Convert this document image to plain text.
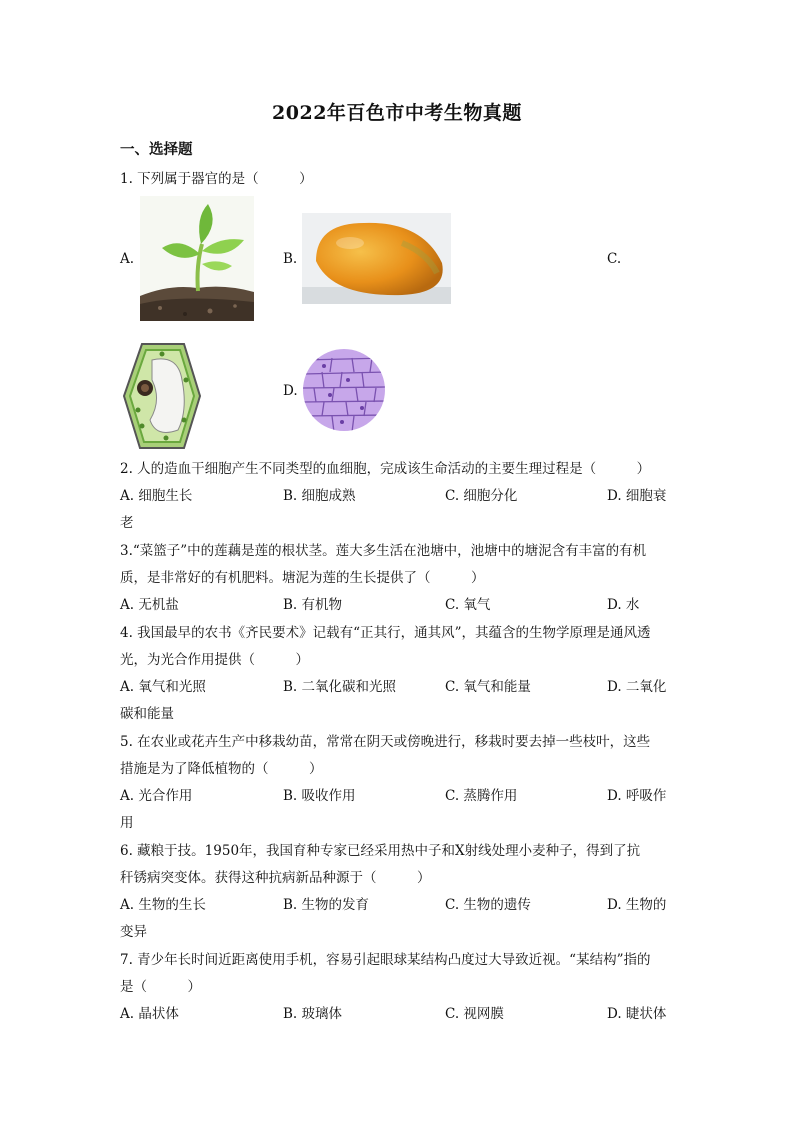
2022年百色市中考生物真题
一、选择题
1. 下列属于器官的是（　　　）
A.	B.	C.
D.
2. 人的造血干细胞产生不同类型的血细胞，完成该生命活动的主要生理过程是（　　　）
A. 细胞生长	B. 细胞成熟	C. 细胞分化	D. 细胞衰
老
3.“菜篮子”中的莲藕是莲的根状茎。莲大多生活在池塘中，池塘中的塘泥含有丰富的有机
质，是非常好的有机肥料。塘泥为莲的生长提供了（　　　）
A. 无机盐	B. 有机物	C. 氧气	D. 水
4. 我国最早的农书《齐民要术》记载有“正其行，通其风”，其蕴含的生物学原理是通风透
光，为光合作用提供（　　　）
A. 氧气和光照	B. 二氧化碳和光照	C. 氧气和能量	D. 二氧化
碳和能量
5. 在农业或花卉生产中移栽幼苗，常常在阴天或傍晚进行，移栽时要去掉一些枝叶，这些
措施是为了降低植物的（　　　）
A. 光合作用	B. 吸收作用	C. 蒸腾作用	D. 呼吸作
用
6. 藏粮于技。1950年，我国育种专家已经采用热中子和X射线处理小麦种子，得到了抗
秆锈病突变体。获得这种抗病新品种源于（　　　）
A. 生物的生长	B. 生物的发育	C. 生物的遗传	D. 生物的
变异
7. 青少年长时间近距离使用手机，容易引起眼球某结构凸度过大导致近视。“某结构”指的
是（　　　）
A. 晶状体	B. 玻璃体	C. 视网膜	D. 睫状体
